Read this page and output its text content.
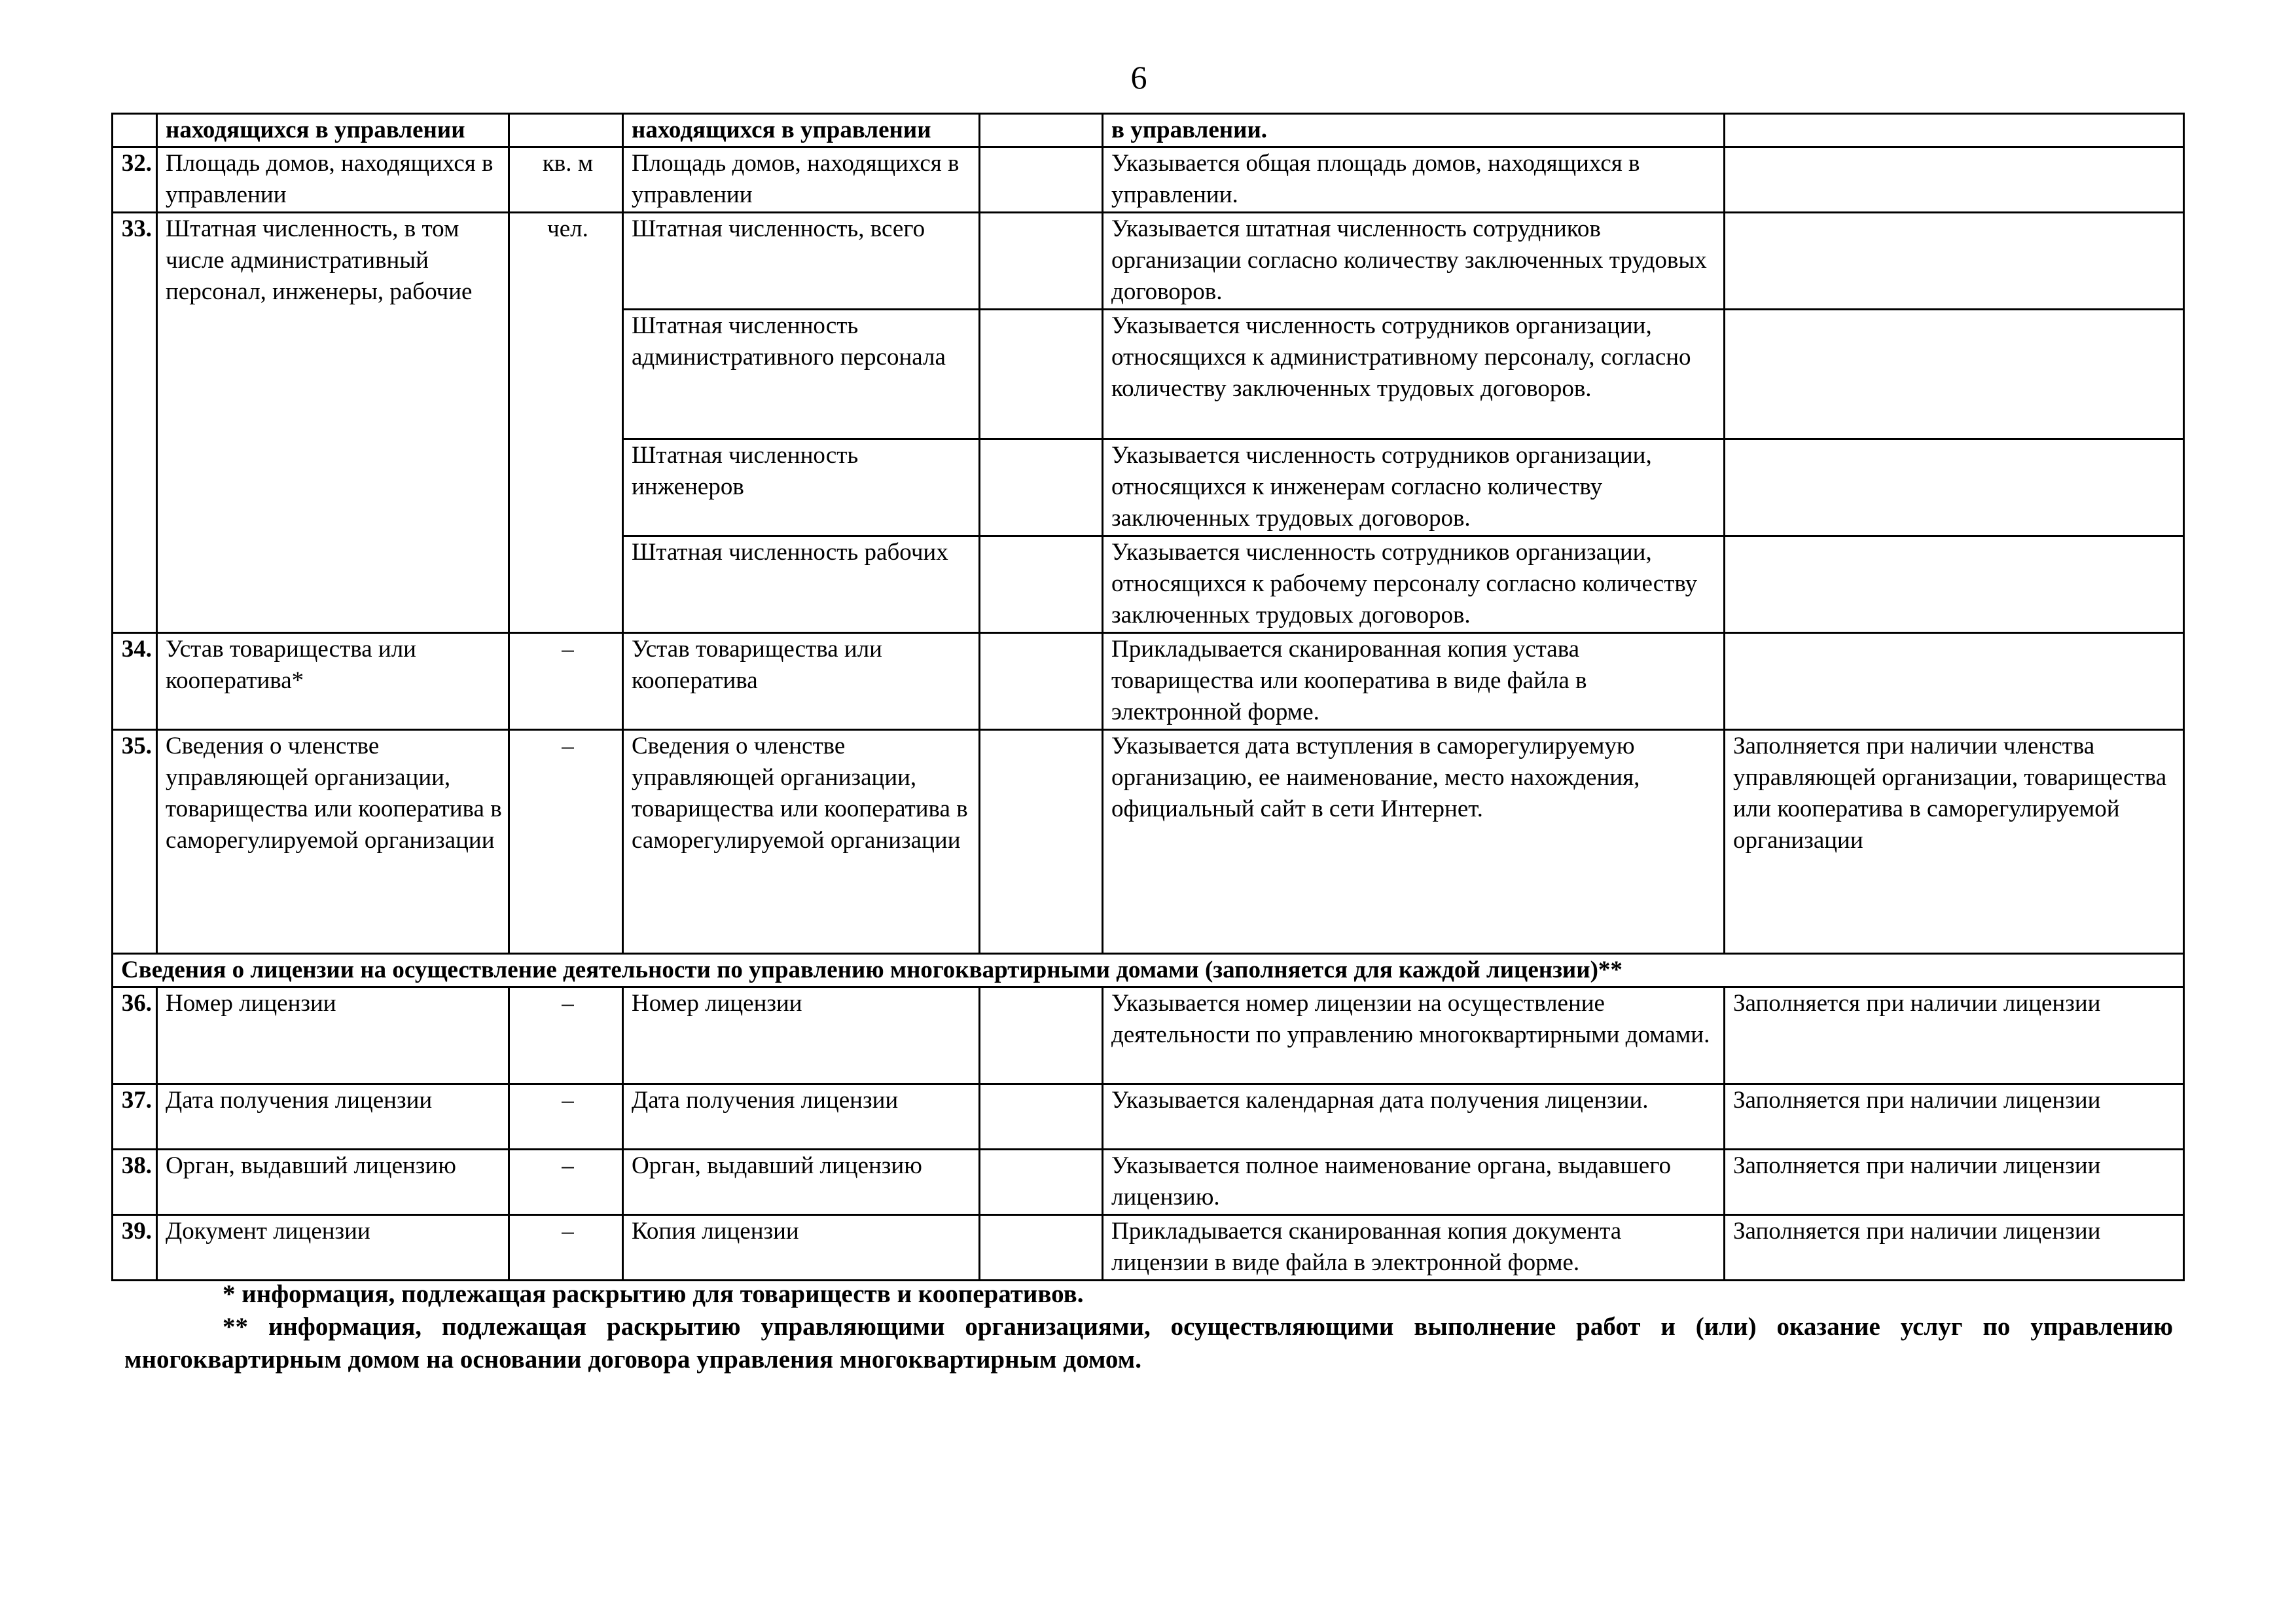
6
	находящихся в управлении		находящихся в управлении		в управлении.	
32.	Площадь домов, находящихся в управлении	кв. м	Площадь домов, находящихся в управлении		Указывается общая площадь домов, находящихся в управлении.	
33.	Штатная численность, в том числе административный персонал, инженеры, рабочие	чел.	Штатная численность, всего		Указывается штатная численность сотрудников организации согласно количеству заключенных трудовых договоров.	
			Штатная численность административного персонала		Указывается численность сотрудников организации, относящихся к административному персоналу, согласно количеству заключенных трудовых договоров.	
			Штатная численность инженеров		Указывается численность сотрудников организации, относящихся к инженерам согласно количеству заключенных трудовых договоров.	
			Штатная численность рабочих		Указывается численность сотрудников организации, относящихся к рабочему персоналу согласно количеству заключенных трудовых договоров.	
34.	Устав товарищества или кооператива*	–	Устав товарищества или кооператива		Прикладывается сканированная копия устава товарищества или кооператива в виде файла в электронной форме.	
35.	Сведения о членстве управляющей организации, товарищества или кооператива в саморегулируемой организации	–	Сведения о членстве управляющей организации, товарищества или кооператива в саморегулируемой организации		Указывается дата вступления в саморегулируемую организацию, ее наименование, место нахождения, официальный сайт в сети Интернет.	Заполняется при наличии членства управляющей организации, товарищества или кооператива в саморегулируемой организации
Сведения о лицензии на осуществление деятельности по управлению многоквартирными домами (заполняется для каждой лицензии)**						
36.	Номер лицензии	–	Номер лицензии		Указывается номер лицензии на осуществление деятельности по управлению многоквартирными домами.	Заполняется при наличии лицензии
37.	Дата получения лицензии	–	Дата получения лицензии		Указывается календарная дата получения лицензии.	Заполняется при наличии лицензии
38.	Орган, выдавший лицензию	–	Орган, выдавший лицензию		Указывается полное наименование органа, выдавшего лицензию.	Заполняется при наличии лицензии
39.	Документ лицензии	–	Копия лицензии		Прикладывается сканированная копия документа лицензии в виде файла в электронной форме.	Заполняется при наличии лицензии

* информация, подлежащая раскрытию для товариществ и кооперативов.

** информация, подлежащая раскрытию управляющими организациями, осуществляющими выполнение работ и (или) оказание услуг по управлению многоквартирным домом на основании договора управления многоквартирным домом.
